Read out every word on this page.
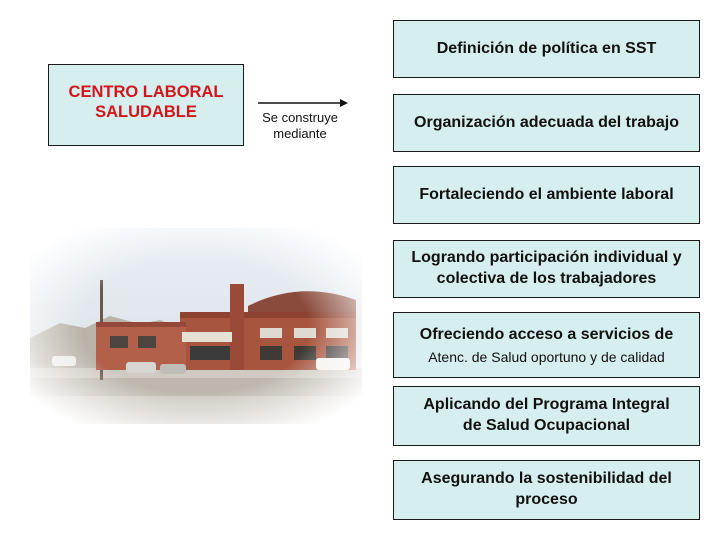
CENTRO LABORAL
SALUDABLE	Se construye
mediante
Definición de política en SST
Organización adecuada del trabajo
Fortaleciendo el ambiente laboral
Logrando participación individual y
colectiva de los trabajadores
Ofreciendo acceso a servicios de
Atenc. de Salud oportuno y de calidad
Aplicando del Programa Integral
de Salud Ocupacional
Asegurando la sostenibilidad del
proceso
